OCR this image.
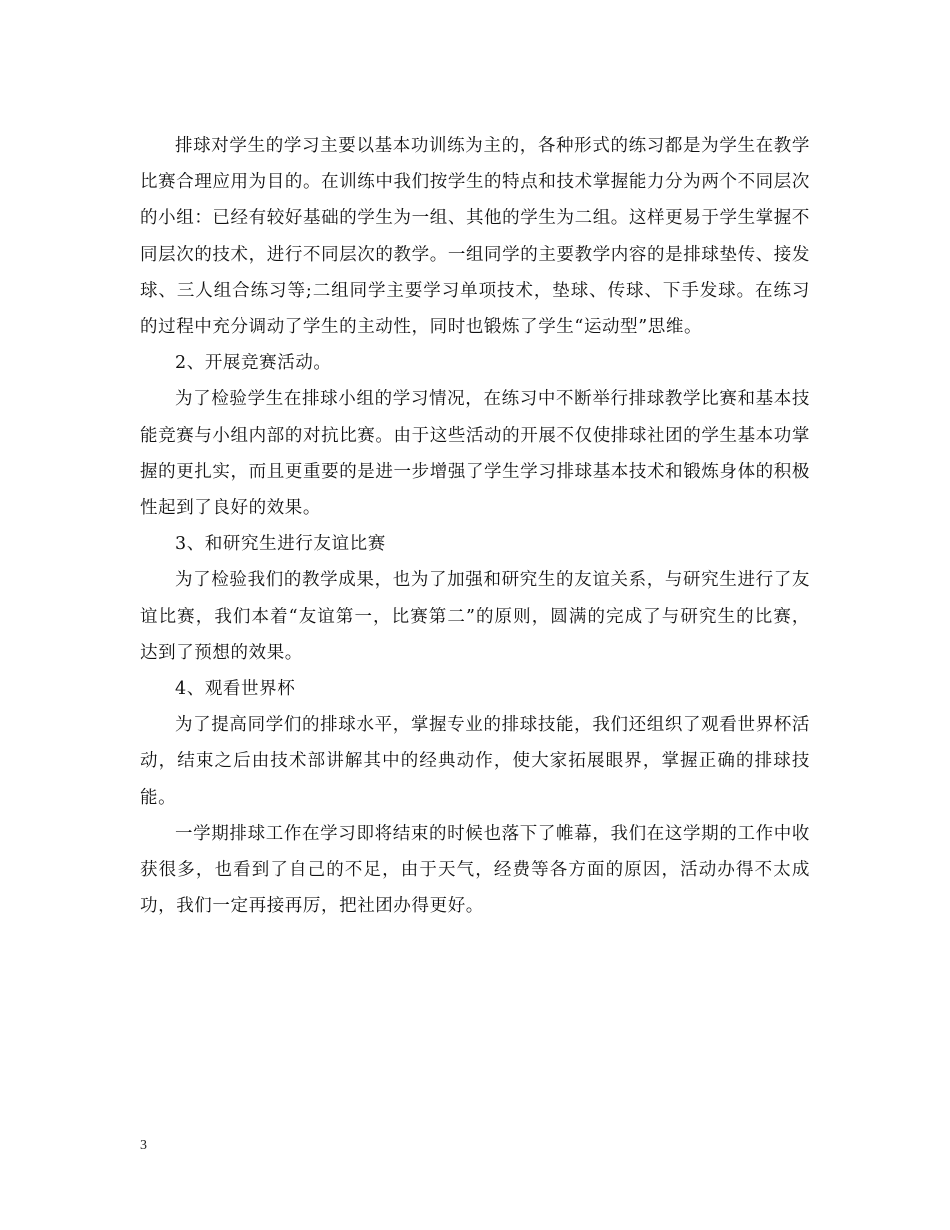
排球对学生的学习主要以基本功训练为主的，各种形式的练习都是为学生在教学比赛合理应用为目的。在训练中我们按学生的特点和技术掌握能力分为两个不同层次的小组：已经有较好基础的学生为一组、其他的学生为二组。这样更易于学生掌握不同层次的技术，进行不同层次的教学。一组同学的主要教学内容的是排球垫传、接发球、三人组合练习等;二组同学主要学习单项技术，垫球、传球、下手发球。在练习的过程中充分调动了学生的主动性，同时也锻炼了学生“运动型”思维。

2、开展竞赛活动。

为了检验学生在排球小组的学习情况，在练习中不断举行排球教学比赛和基本技能竞赛与小组内部的对抗比赛。由于这些活动的开展不仅使排球社团的学生基本功掌握的更扎实，而且更重要的是进一步增强了学生学习排球基本技术和锻炼身体的积极性起到了良好的效果。

3、和研究生进行友谊比赛

为了检验我们的教学成果，也为了加强和研究生的友谊关系，与研究生进行了友谊比赛，我们本着“友谊第一，比赛第二”的原则，圆满的完成了与研究生的比赛，达到了预想的效果。

4、观看世界杯

为了提高同学们的排球水平，掌握专业的排球技能，我们还组织了观看世界杯活动，结束之后由技术部讲解其中的经典动作，使大家拓展眼界，掌握正确的排球技能。

一学期排球工作在学习即将结束的时候也落下了帷幕，我们在这学期的工作中收获很多，也看到了自己的不足，由于天气，经费等各方面的原因，活动办得不太成功，我们一定再接再厉，把社团办得更好。

3
